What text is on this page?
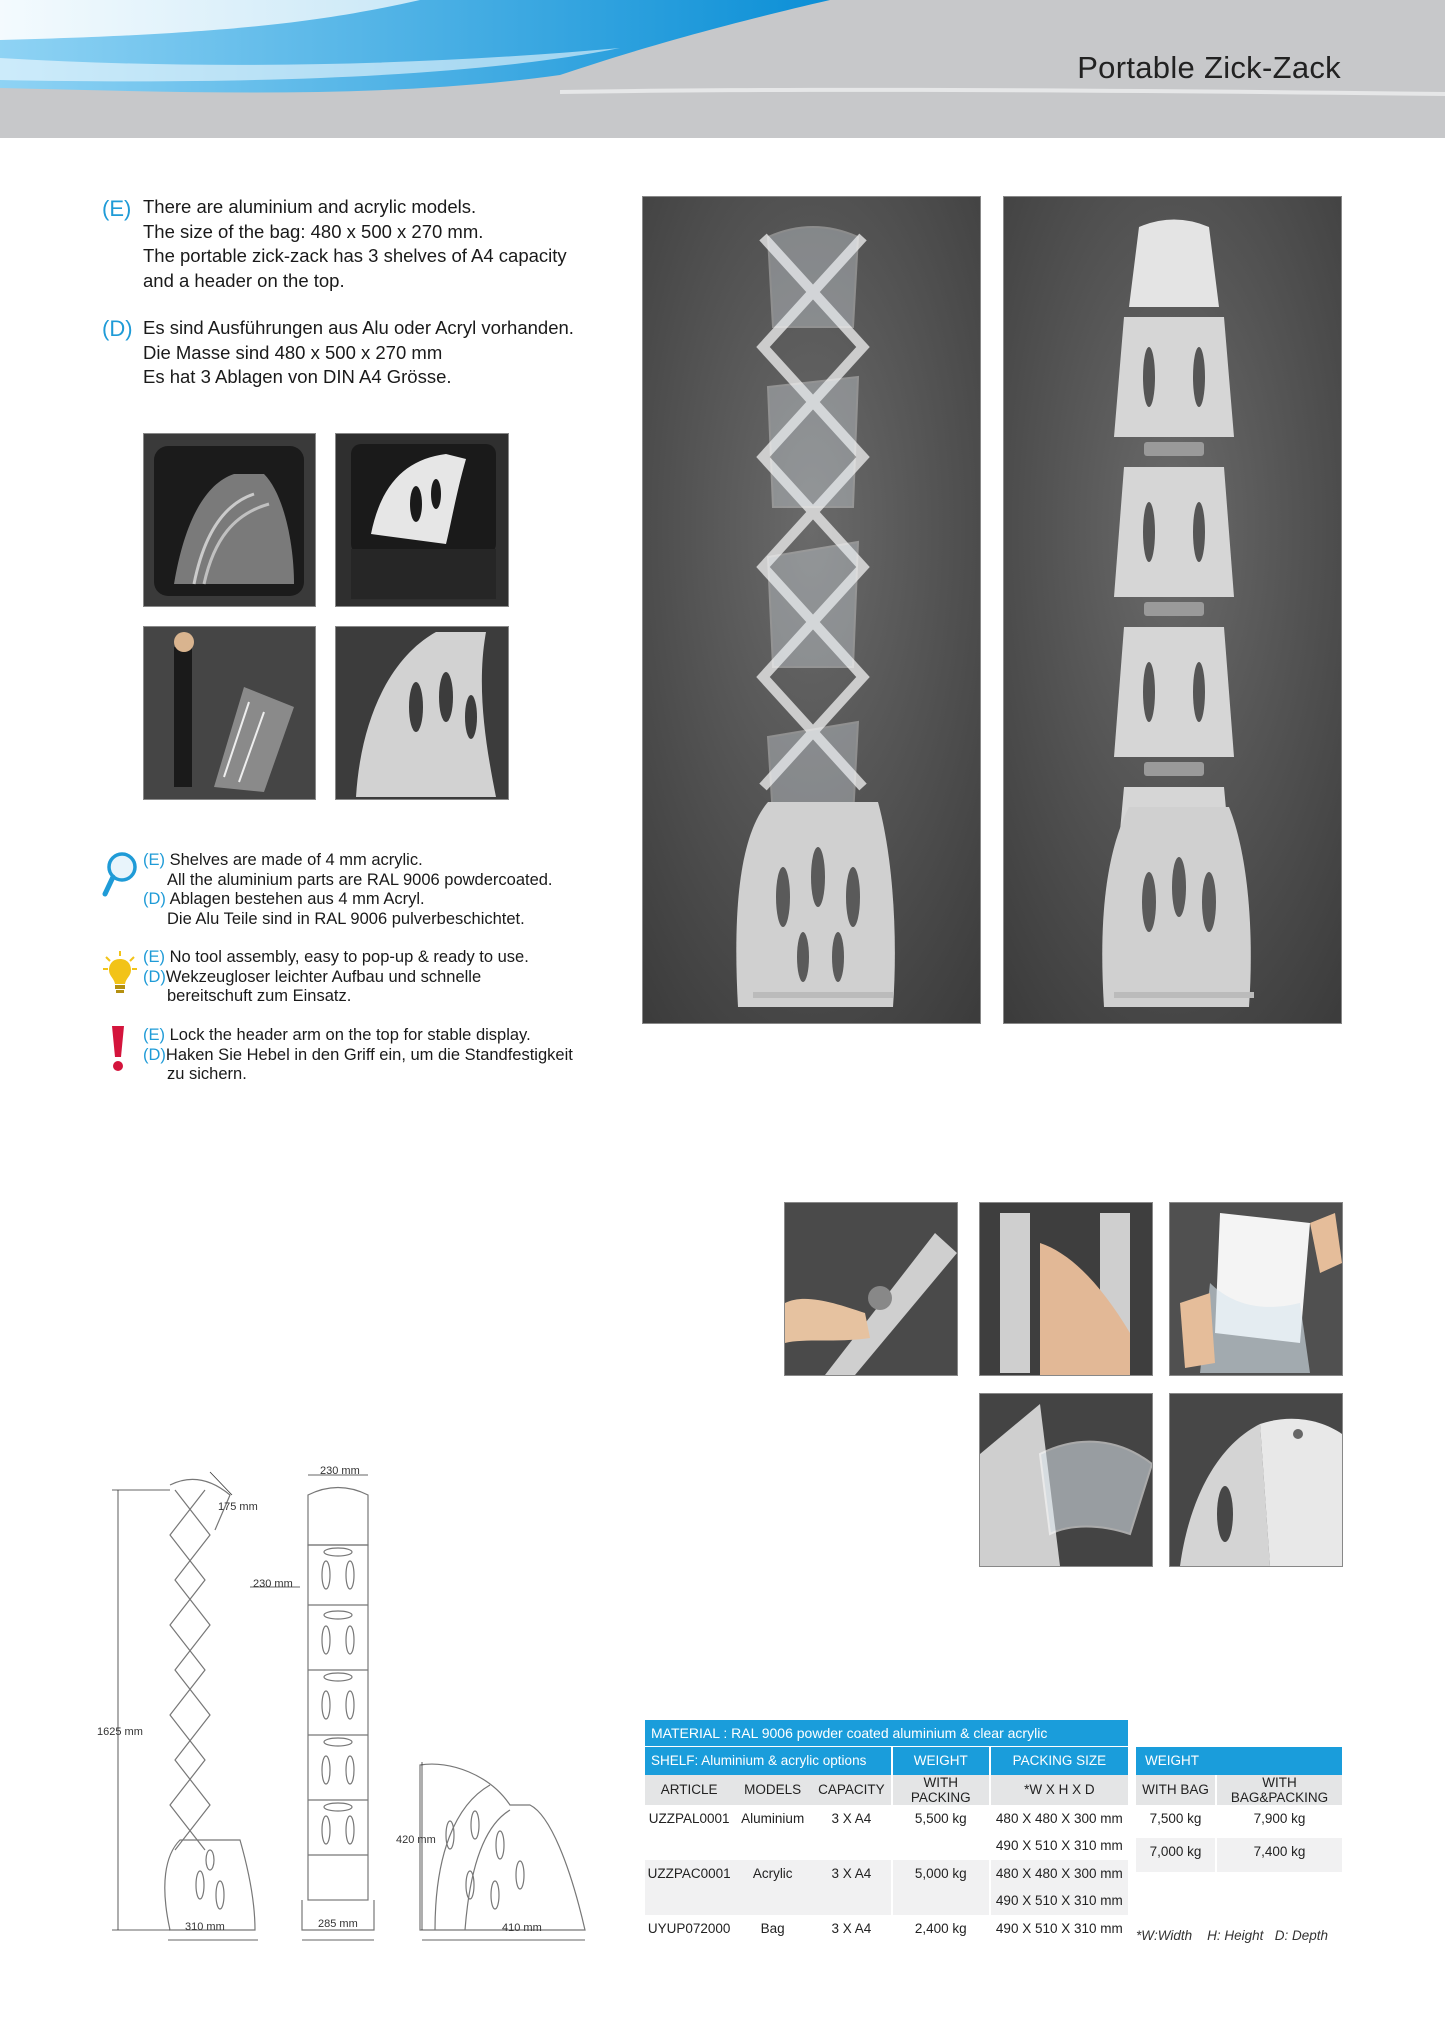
Portable Zick-Zack
(E) There are aluminium and acrylic models.
The size of the bag: 480 x 500 x 270 mm.
The portable zick-zack has 3 shelves of A4 capacity
and a header on the top.
(D) Es sind Ausführungen aus Alu oder Acryl vorhanden.
Die Masse sind 480 x 500 x 270 mm
Es hat 3 Ablagen von DIN A4 Grösse.
(E) Shelves are made of 4 mm acrylic.
All the aluminium parts are RAL 9006 powdercoated.
(D) Ablagen bestehen aus 4 mm Acryl.
Die Alu Teile sind in RAL 9006 pulverbeschichtet.
(E) No tool assembly, easy to pop-up & ready to use.
(D)Wekzeugloser leichter Aufbau und schnelle
bereitschuft zum Einsatz.
(E) Lock the header arm on the top for stable display.
(D)Haken Sie Hebel in den Griff ein, um die Standfestigkeit
zu sichern.
1625 mm
175 mm
230 mm
230 mm
310 mm	285 mm
420 mm
410 mm
MATERIAL : RAL 9006 powder coated aluminium & clear acrylic
SHELF: Aluminium & acrylic options			WEIGHT	PACKING SIZE
ARTICLE	MODELS	CAPACITY	WITH PACKING	*W X H X D
UZZPAL0001	Aluminium	3 X A4	5,500 kg	480 X 480 X 300 mm
				490 X 510 X 310 mm
UZZPAC0001	Acrylic	3 X A4	5,000 kg	480 X 480 X 300 mm
				490 X 510 X 310 mm
UYUP072000	Bag	3 X A4	2,400 kg	490 X 510 X 310 mm
WEIGHT	
WITH BAG	WITH BAG&PACKING
7,500 kg	7,900 kg

7,000 kg	7,400 kg

*W:Width H: Height D: Depth
